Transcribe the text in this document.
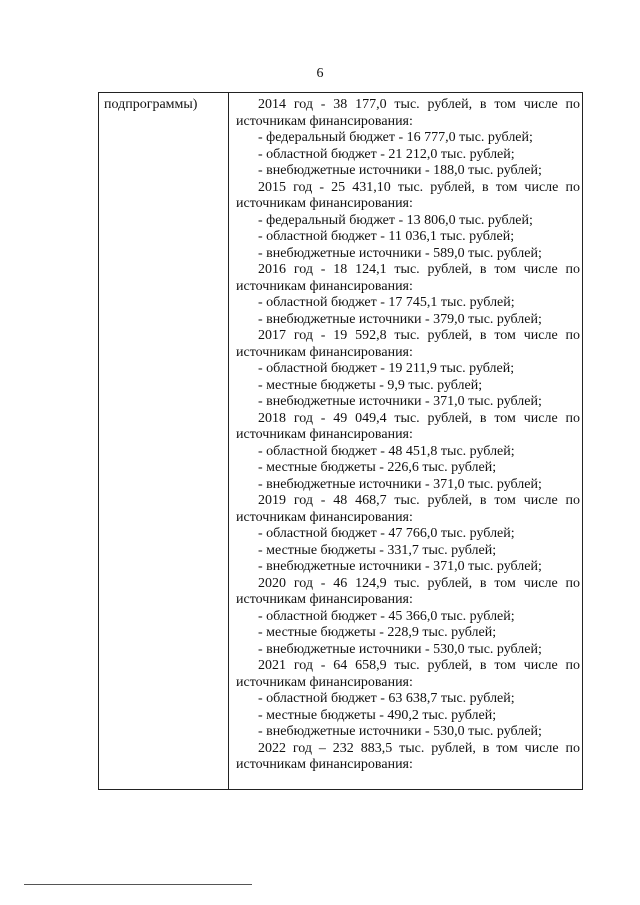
6
подпрограммы)	2014 год - 38 177,0 тыс. рублей, в том числе по
источникам финансирования:
- федеральный бюджет - 16 777,0 тыс. рублей;
- областной бюджет - 21 212,0 тыс. рублей;
- внебюджетные источники - 188,0 тыс. рублей;
2015 год - 25 431,10 тыс. рублей, в том числе по
источникам финансирования:
- федеральный бюджет - 13 806,0 тыс. рублей;
- областной бюджет - 11 036,1 тыс. рублей;
- внебюджетные источники - 589,0 тыс. рублей;
2016 год - 18 124,1 тыс. рублей, в том числе по
источникам финансирования:
- областной бюджет - 17 745,1 тыс. рублей;
- внебюджетные источники - 379,0 тыс. рублей;
2017 год - 19 592,8 тыс. рублей, в том числе по
источникам финансирования:
- областной бюджет - 19 211,9 тыс. рублей;
- местные бюджеты - 9,9 тыс. рублей;
- внебюджетные источники - 371,0 тыс. рублей;
2018 год - 49 049,4 тыс. рублей, в том числе по
источникам финансирования:
- областной бюджет - 48 451,8 тыс. рублей;
- местные бюджеты - 226,6 тыс. рублей;
- внебюджетные источники - 371,0 тыс. рублей;
2019 год - 48 468,7 тыс. рублей, в том числе по
источникам финансирования:
- областной бюджет - 47 766,0 тыс. рублей;
- местные бюджеты - 331,7 тыс. рублей;
- внебюджетные источники - 371,0 тыс. рублей;
2020 год - 46 124,9 тыс. рублей, в том числе по
источникам финансирования:
- областной бюджет - 45 366,0 тыс. рублей;
- местные бюджеты - 228,9 тыс. рублей;
- внебюджетные источники - 530,0 тыс. рублей;
2021 год - 64 658,9 тыс. рублей, в том числе по
источникам финансирования:
- областной бюджет - 63 638,7 тыс. рублей;
- местные бюджеты - 490,2 тыс. рублей;
- внебюджетные источники - 530,0 тыс. рублей;
2022 год – 232 883,5 тыс. рублей, в том числе по
источникам финансирования:
